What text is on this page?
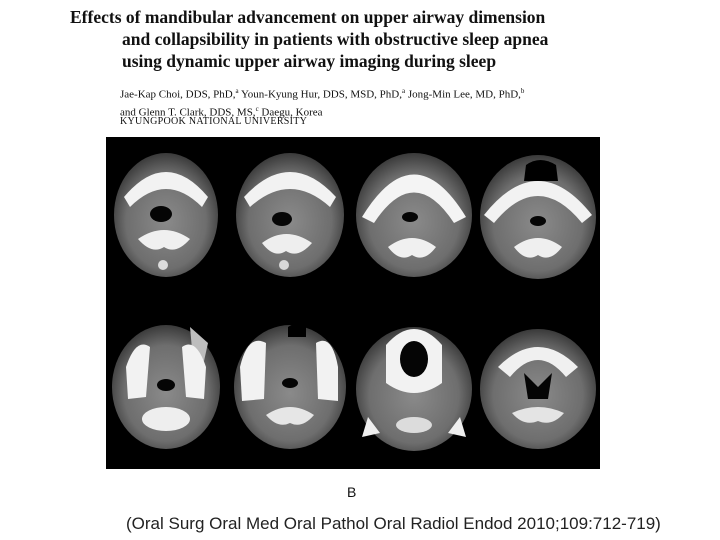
Effects of mandibular advancement on upper airway dimension
and collapsibility in patients with obstructive sleep apnea
using dynamic upper airway imaging during sleep
Jae-Kap Choi, DDS, PhD,$^a$ Youn-Kyung Hur, DDS, MSD, PhD,$^a$ Jong-Min Lee, MD, PhD,$^b$
and Glenn T. Clark, DDS, MS,$^c$ Daegu, Korea
KYUNGPOOK NATIONAL UNIVERSITY
B
(Oral Surg Oral Med Oral Pathol Oral Radiol Endod 2010;109:712-719)
